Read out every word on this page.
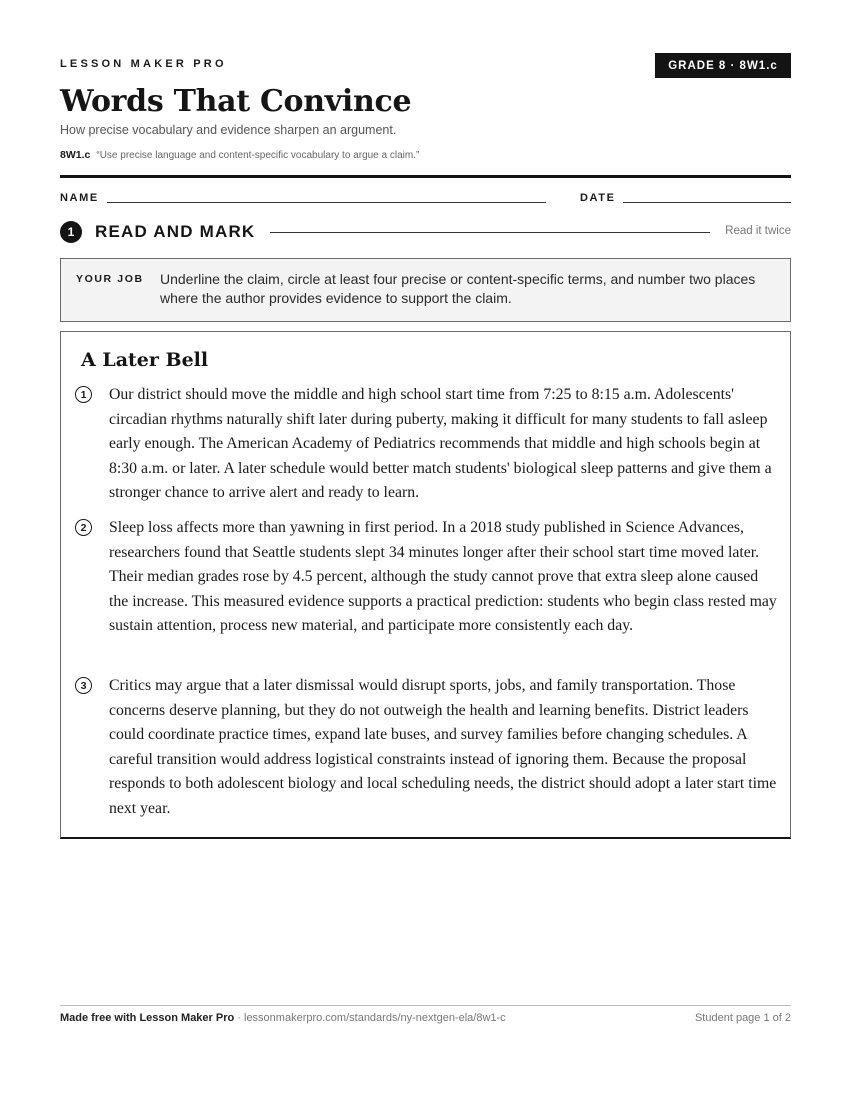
LESSON MAKER PRO	GRADE 8 · 8W1.c
Words That Convince
How precise vocabulary and evidence sharpen an argument.
8W1.c “Use precise language and content-specific vocabulary to argue a claim.”
NAME	DATE
1	READ AND MARK	Read it twice
YOUR JOB Underline the claim, circle at least four precise or content-specific terms, and number two places where the author provides evidence to support the claim.
A Later Bell
1	Our district should move the middle and high school start time from 7:25 to 8:15 a.m. Adolescents' circadian rhythms naturally shift later during puberty, making it difficult for many students to fall asleep early enough. The American Academy of Pediatrics recommends that middle and high schools begin at 8:30 a.m. or later. A later schedule would better match students' biological sleep patterns and give them a stronger chance to arrive alert and ready to learn.

2	Sleep loss affects more than yawning in first period. In a 2018 study published in Science Advances, researchers found that Seattle students slept 34 minutes longer after their school start time moved later. Their median grades rose by 4.5 percent, although the study cannot prove that extra sleep alone caused the increase. This measured evidence supports a practical prediction: students who begin class rested may sustain attention, process new material, and participate more consistently each day.

3	Critics may argue that a later dismissal would disrupt sports, jobs, and family transportation. Those concerns deserve planning, but they do not outweigh the health and learning benefits. District leaders could coordinate practice times, expand late buses, and survey families before changing schedules. A careful transition would address logistical constraints instead of ignoring them. Because the proposal responds to both adolescent biology and local scheduling needs, the district should adopt a later start time next year.

Made free with Lesson Maker Pro · lessonmakerpro.com/standards/ny-nextgen-ela/8w1-c	Student page 1 of 2
